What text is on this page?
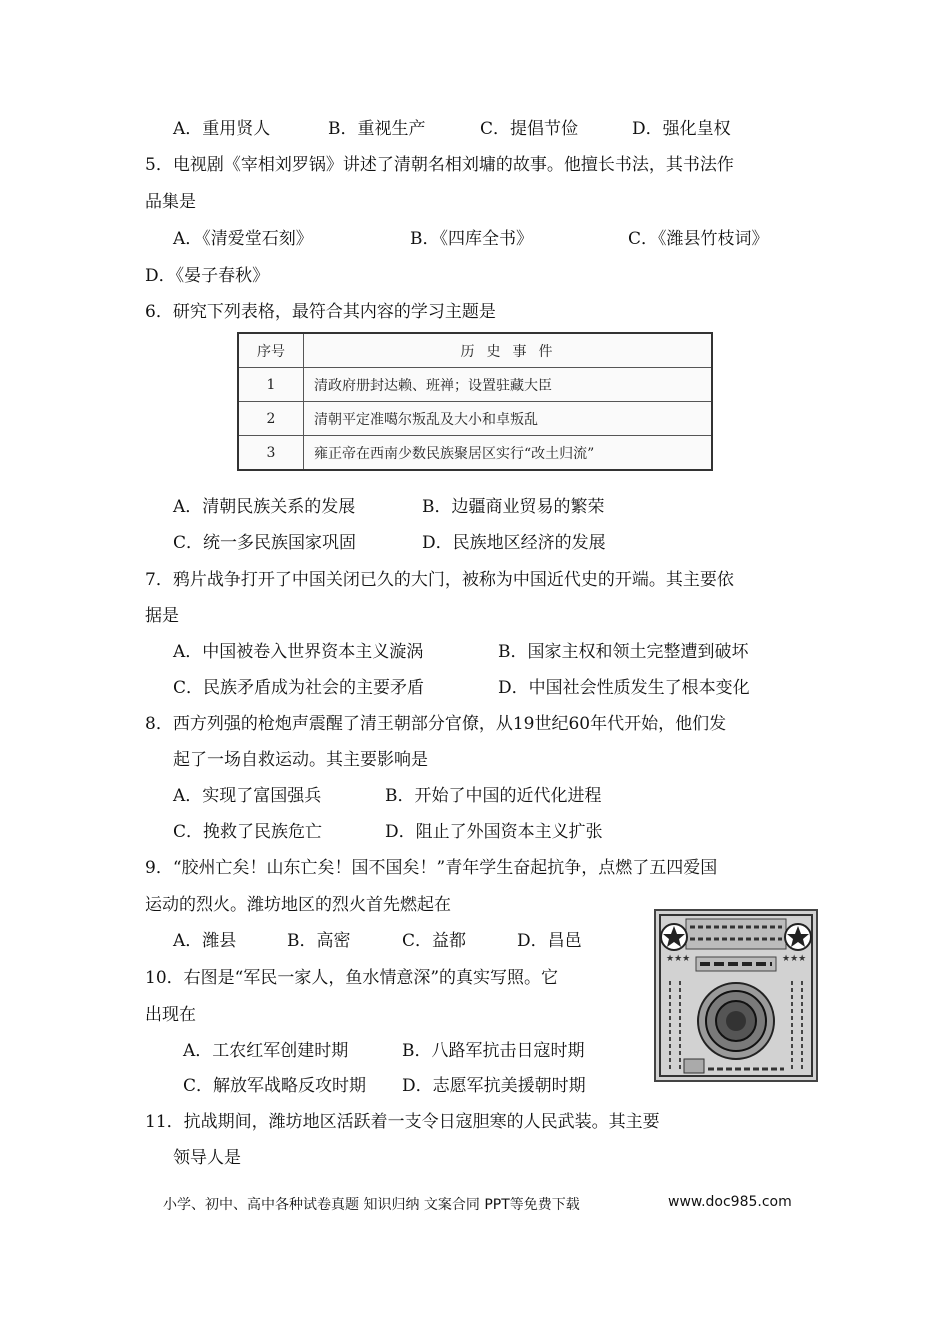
A．重用贤人	B．重视生产	C．提倡节俭	D．强化皇权
5．电视剧《宰相刘罗锅》讲述了清朝名相刘墉的故事。他擅长书法，其书法作
品集是
A．《清爱堂石刻》	B．《四库全书》	C．《潍县竹枝词》
D．《晏子春秋》
6．研究下列表格，最符合其内容的学习主题是
序号	历史事件
1	清政府册封达赖、班禅；设置驻藏大臣
2	清朝平定准噶尔叛乱及大小和卓叛乱
3	雍正帝在西南少数民族聚居区实行“改土归流”
A．清朝民族关系的发展	B．边疆商业贸易的繁荣
C．统一多民族国家巩固	D．民族地区经济的发展
7．鸦片战争打开了中国关闭已久的大门，被称为中国近代史的开端。其主要依
据是
A．中国被卷入世界资本主义漩涡	B．国家主权和领土完整遭到破坏
C．民族矛盾成为社会的主要矛盾	D．中国社会性质发生了根本变化
8．西方列强的枪炮声震醒了清王朝部分官僚，从19世纪60年代开始，他们发
起了一场自救运动。其主要影响是
A．实现了富国强兵	B．开始了中国的近代化进程
C．挽救了民族危亡	D．阻止了外国资本主义扩张
9．“胶州亡矣！山东亡矣！国不国矣！”青年学生奋起抗争，点燃了五四爱国
运动的烈火。潍坊地区的烈火首先燃起在
A．潍县	B．高密	C．益都	D．昌邑
10．右图是“军民一家人，鱼水情意深”的真实写照。它
出现在
A．工农红军创建时期	B．八路军抗击日寇时期
C．解放军战略反攻时期 D．志愿军抗美援朝时期
★★★	★★★
11．抗战期间，潍坊地区活跃着一支令日寇胆寒的人民武装。其主要
领导人是
小学、初中、高中各种试卷真题 知识归纳 文案合同 PPT等免费下载	www.doc985.com
